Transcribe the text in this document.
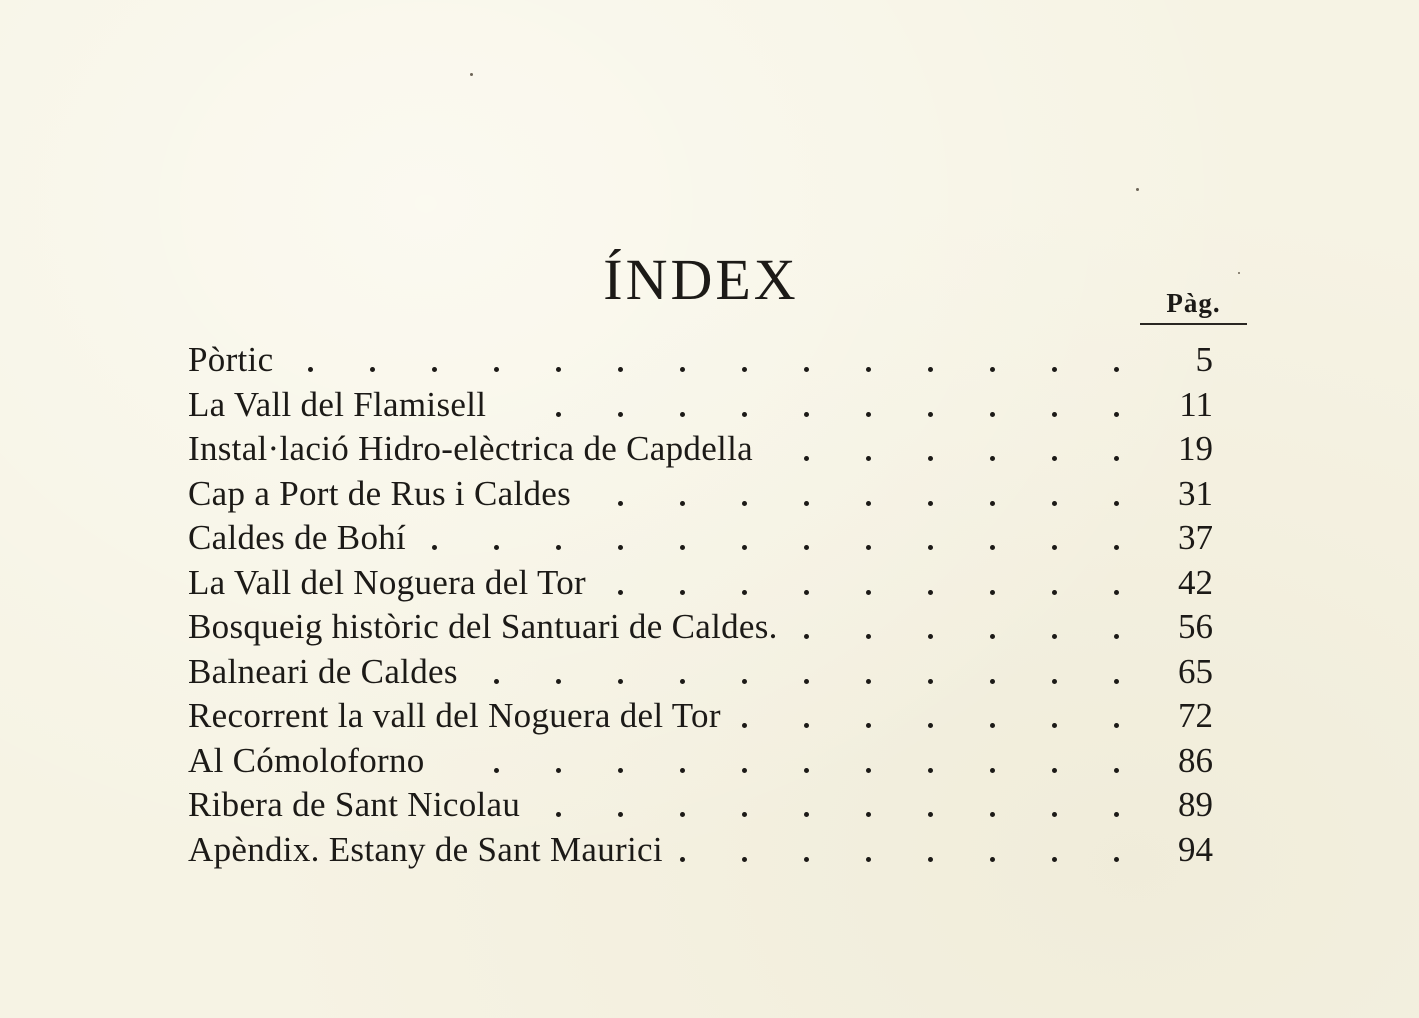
ÍNDEX	Pàg.
Pòrtic	5
La Vall del Flamisell	11
Instal·lació Hidro-elèctrica de Capdella	19
Cap a Port de Rus i Caldes	31
Caldes de Bohí	37
La Vall del Noguera del Tor	42
Bosqueig històric del Santuari de Caldes.	56
Balneari de Caldes	65
Recorrent la vall del Noguera del Tor	72
Al Cómoloforno	86
Ribera de Sant Nicolau	89
Apèndix. Estany de Sant Maurici	94
